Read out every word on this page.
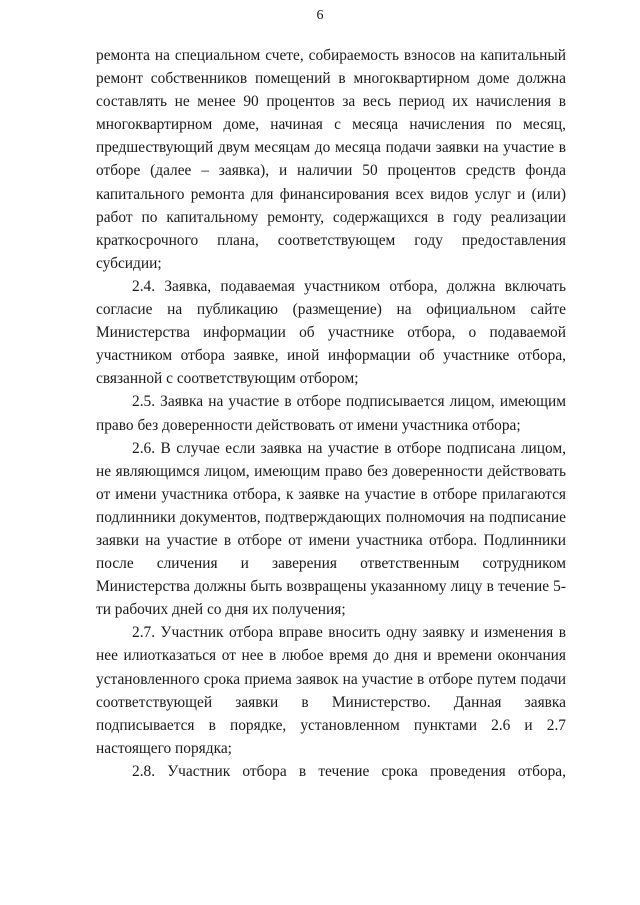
6

ремонта на специальном счете, собираемость взносов на капитальный ремонт собственников помещений в многоквартирном доме должна составлять не менее 90 процентов за весь период их начисления в многоквартирном доме, начиная с месяца начисления по месяц, предшествующий двум месяцам до месяца подачи заявки на участие в отборе (далее – заявка), и наличии 50 процентов средств фонда капитального ремонта для финансирования всех видов услуг и (или) работ по капитальному ремонту, содержащихся в году реализации краткосрочного плана, соответствующем году предоставления субсидии;

2.4. Заявка, подаваемая участником отбора, должна включать согласие на публикацию (размещение) на официальном сайте Министерства информации об участнике отбора, о подаваемой участником отбора заявке, иной информации об участнике отбора, связанной с соответствующим отбором;

2.5. Заявка на участие в отборе подписывается лицом, имеющим право без доверенности действовать от имени участника отбора;

2.6. В случае если заявка на участие в отборе подписана лицом, не являющимся лицом, имеющим право без доверенности действовать от имени участника отбора, к заявке на участие в отборе прилагаются подлинники документов, подтверждающих полномочия на подписание заявки на участие в отборе от имени участника отбора. Подлинники после сличения и заверения ответственным сотрудником Министерства должны быть возвращены указанному лицу в течение 5-ти рабочих дней со дня их получения;

2.7. Участник отбора вправе вносить одну заявку и изменения в нее илиотказаться от нее в любое время до дня и времени окончания установленного срока приема заявок на участие в отборе путем подачи соответствующей заявки в Министерство. Данная заявка подписывается в порядке, установленном пунктами 2.6 и 2.7 настоящего порядка;

2.8. Участник отбора в течение срока проведения отбора,
